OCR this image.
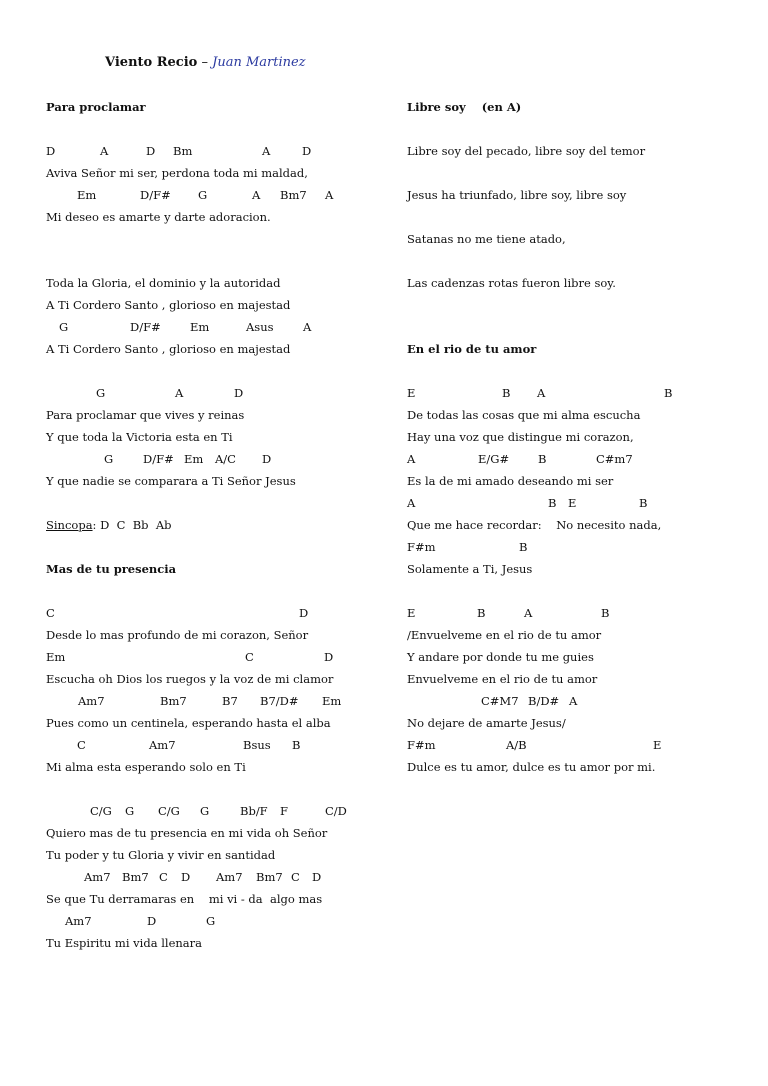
Viento Recio – Juan Martinez
Para proclamar

D

	A

	D

Bm

	A

	D

Aviva Señor mi ser, perdona toda mi maldad,

Em

	D/F#

G

	A

Bm7

A

Mi deseo es amarte y darte adoracion.
Toda la Gloria, el dominio y la autoridad
A Ti Cordero Santo , glorioso en majestad

G

	D/F#

	Em

	Asus

	A

A Ti Cordero Santo , glorioso en majestad

G

	A

	D

Para proclamar que vives y reinas
Y que toda la Victoria esta en Ti

G

	D/F#

Em

A/C

D

Y que nadie se comparara a Ti Señor Jesus
Sincopa: D  C  Bb  Ab
Mas de tu presencia

C

	D

Desde lo mas profundo de mi corazon, Señor

Em

	C

	D

Escucha oh Dios los ruegos y la voz de mi clamor

Am7

	Bm7

	B7

B7/D#

Em

Pues como un centinela, esperando hasta el alba

C

	Am7

	Bsus

B

Mi alma esta esperando solo en Ti

C/G

G

C/G

G

	Bb/F

F

	C/D

Quiero mas de tu presencia en mi vida oh Señor
Tu poder y tu Gloria y vivir en santidad

Am7

Bm7

C

D

Am7

Bm7

C

D

Se que Tu derramaras en    mi vi - da  algo mas

Am7

	D

	G

Tu Espiritu mi vida llenara
Libre soy    (en A)
Libre soy del pecado, libre soy del temor
Jesus ha triunfado, libre soy, libre soy
Satanas no me tiene atado,
Las cadenzas rotas fueron libre soy.
En el rio de tu amor

E

	B

A

	B

De todas las cosas que mi alma escucha
Hay una voz que distingue mi corazon,

A

	E/G#

	B

	C#m7

Es la de mi amado deseando mi ser

A

	B

E

	B

Que me hace recordar:    No necesito nada,

F#m

	B

Solamente a Ti, Jesus

E

	B

	A

	B

/Envuelveme en el rio de tu amor
Y andare por donde tu me guies
Envuelveme en el rio de tu amor

C#M7

B/D#

A

No dejare de amarte Jesus/

F#m

	A/B

	E

Dulce es tu amor, dulce es tu amor por mi.
